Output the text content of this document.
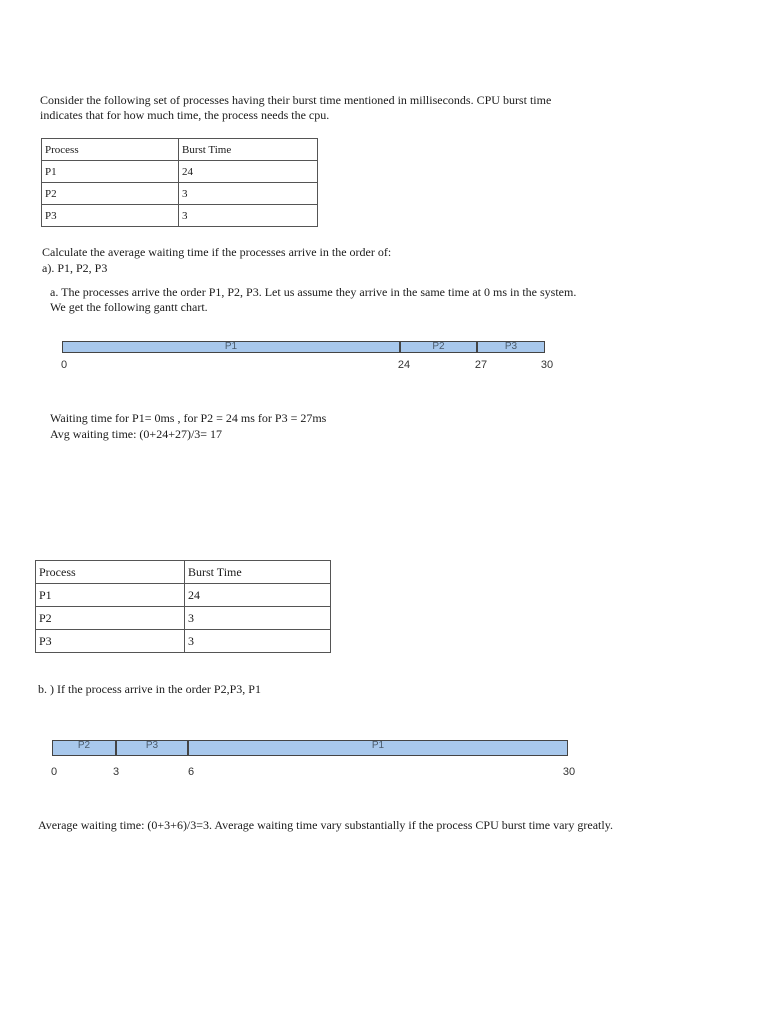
Consider the following set of processes having their burst time mentioned in milliseconds. CPU burst time indicates that for how much time, the process needs the cpu.

Process	Burst Time
P1	24
P2	3
P3	3

Calculate the average waiting time if the processes arrive in the order of:

a). P1, P2, P3

a. The processes arrive the order P1, P2, P3. Let us assume they arrive in the same time at 0 ms in the system. We get the following gantt chart.

P1	P2	P3
0	24	27	30

Waiting time for P1= 0ms , for P2 = 24 ms for P3 = 27ms

Avg waiting time: (0+24+27)/3= 17

Process	Burst Time
P1	24
P2	3
P3	3

b. ) If the process arrive in the order P2,P3, P1

P2	P3	P1
0	3	6	30

Average waiting time: (0+3+6)/3=3. Average waiting time vary substantially if the process CPU burst time vary greatly.
